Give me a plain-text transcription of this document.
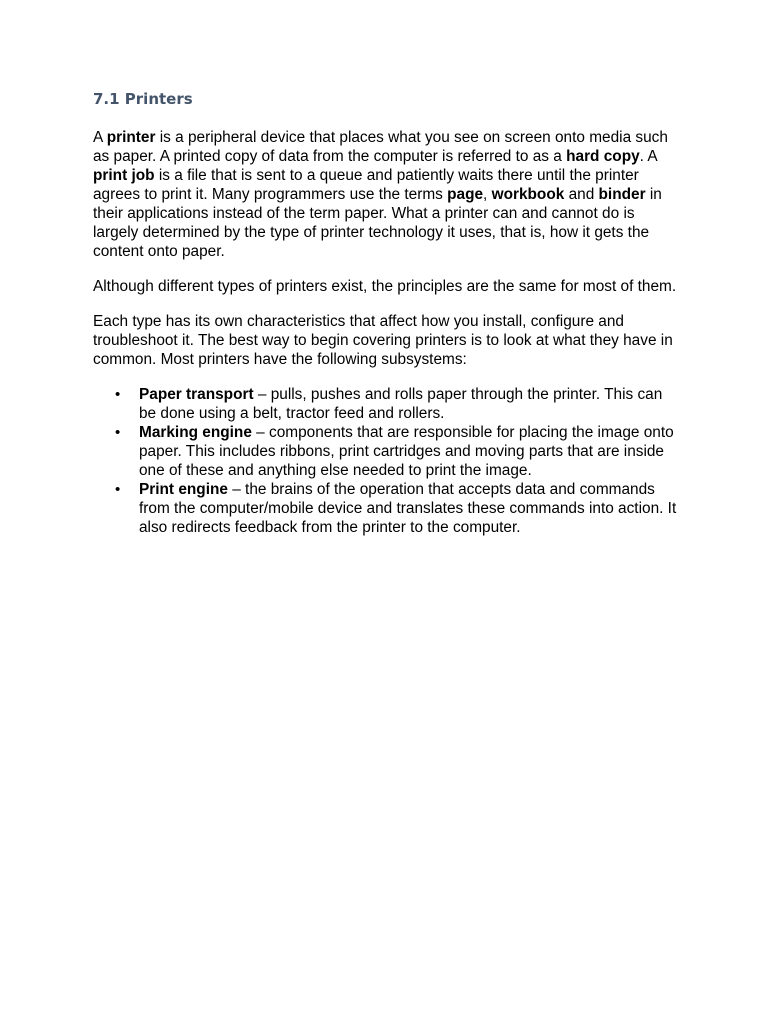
7.1 Printers

A printer is a peripheral device that places what you see on screen onto media such as paper. A printed copy of data from the computer is referred to as a hard copy. A print job is a file that is sent to a queue and patiently waits there until the printer agrees to print it. Many programmers use the terms page, workbook and binder in their applications instead of the term paper. What a printer can and cannot do is largely determined by the type of printer technology it uses, that is, how it gets the content onto paper.

Although different types of printers exist, the principles are the same for most of them.

Each type has its own characteristics that affect how you install, configure and troubleshoot it. The best way to begin covering printers is to look at what they have in common. Most printers have the following subsystems:

• Paper transport – pulls, pushes and rolls paper through the printer. This can be done using a belt, tractor feed and rollers.
• Marking engine – components that are responsible for placing the image onto paper. This includes ribbons, print cartridges and moving parts that are inside one of these and anything else needed to print the image.
• Print engine – the brains of the operation that accepts data and commands from the computer/mobile device and translates these commands into action. It also redirects feedback from the printer to the computer.
